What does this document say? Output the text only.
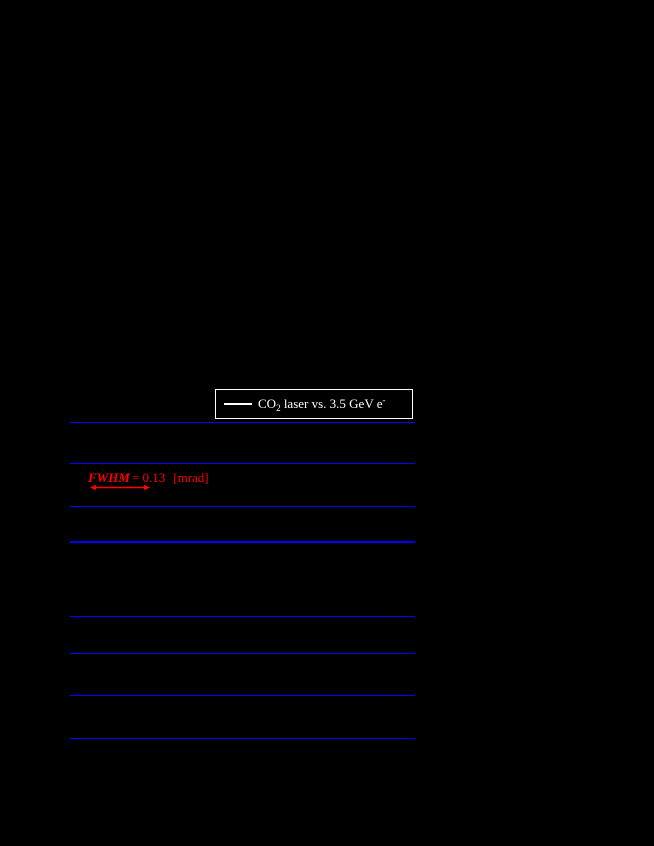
$CO_2$ laser vs. 3.5 GeV e-
FWHM = 0.13 [mrad]
